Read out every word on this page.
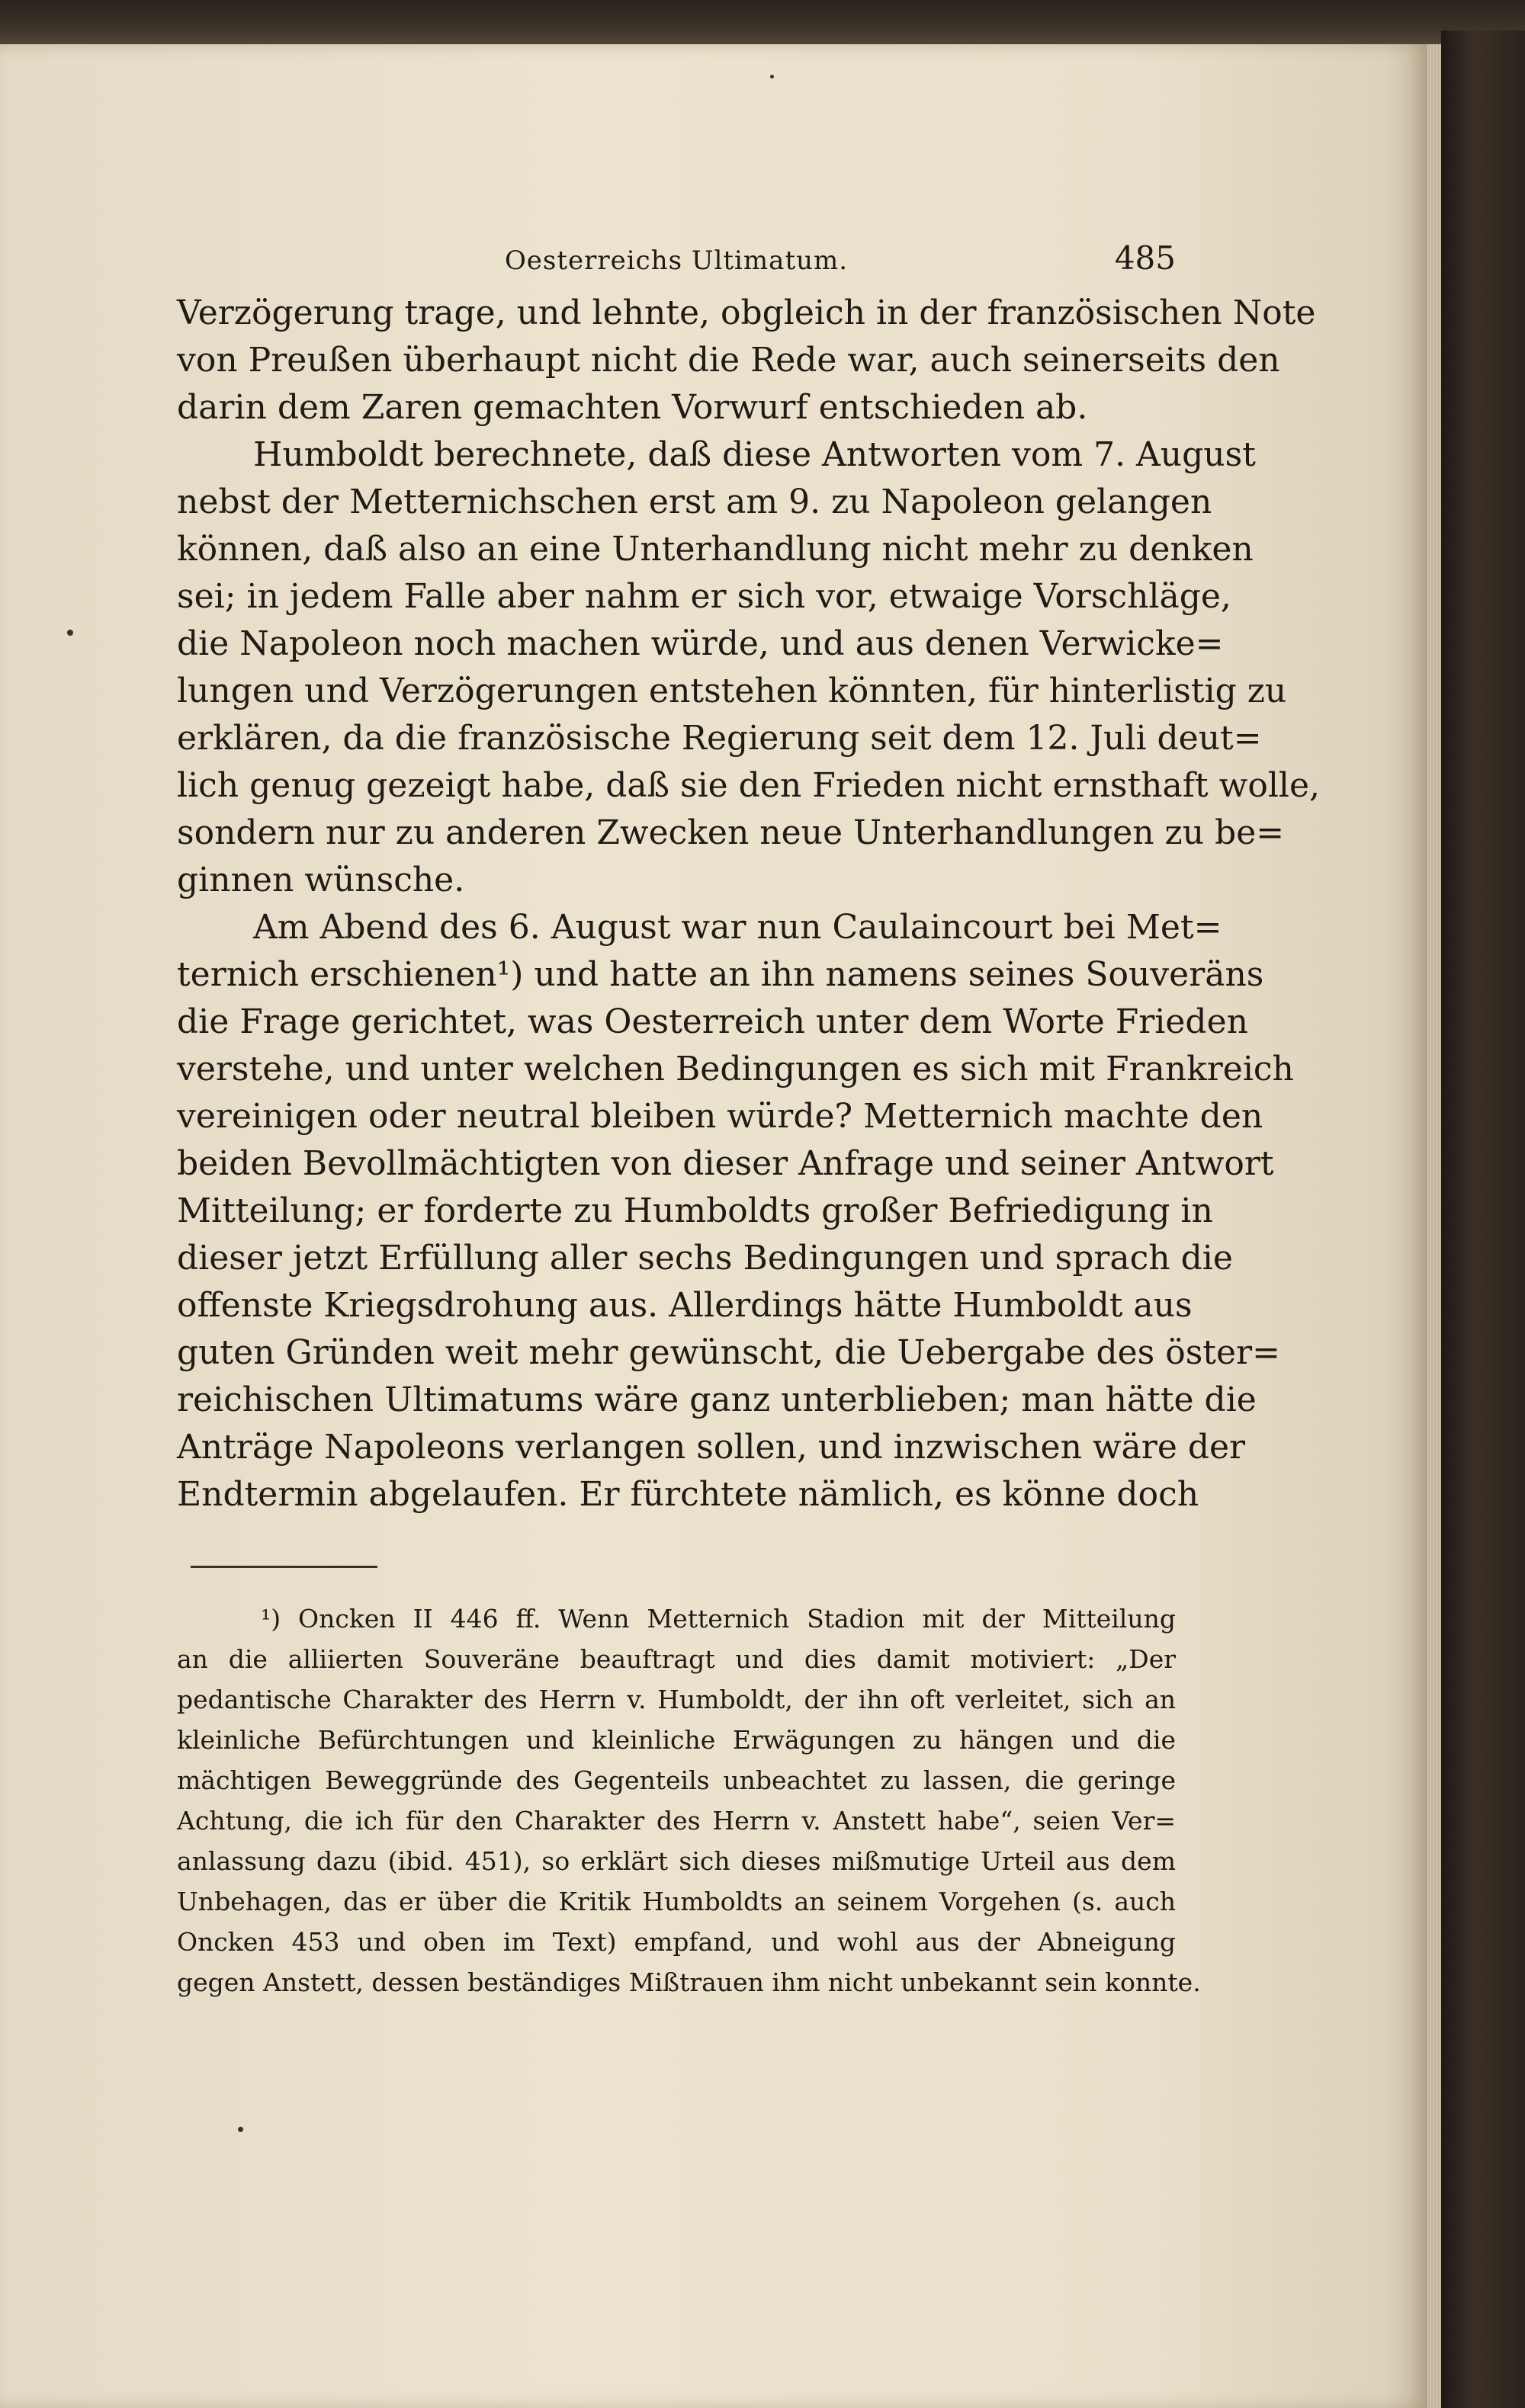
Oesterreichs Ultimatum.	485
Verzögerung trage, und lehnte, obgleich in der französischen Note
von Preußen überhaupt nicht die Rede war, auch seinerseits den
darin dem Zaren gemachten Vorwurf entschieden ab.
Humboldt berechnete, daß diese Antworten vom 7. August
nebst der Metternichschen erst am 9. zu Napoleon gelangen
können, daß also an eine Unterhandlung nicht mehr zu denken
sei; in jedem Falle aber nahm er sich vor, etwaige Vorschläge,
die Napoleon noch machen würde, und aus denen Verwicke=
lungen und Verzögerungen entstehen könnten, für hinterlistig zu
erklären, da die französische Regierung seit dem 12. Juli deut=
lich genug gezeigt habe, daß sie den Frieden nicht ernsthaft wolle,
sondern nur zu anderen Zwecken neue Unterhandlungen zu be=
ginnen wünsche.
Am Abend des 6. August war nun Caulaincourt bei Met=
ternich erschienen¹) und hatte an ihn namens seines Souveräns
die Frage gerichtet, was Oesterreich unter dem Worte Frieden
verstehe, und unter welchen Bedingungen es sich mit Frankreich
vereinigen oder neutral bleiben würde? Metternich machte den
beiden Bevollmächtigten von dieser Anfrage und seiner Antwort
Mitteilung; er forderte zu Humboldts großer Befriedigung in
dieser jetzt Erfüllung aller sechs Bedingungen und sprach die
offenste Kriegsdrohung aus. Allerdings hätte Humboldt aus
guten Gründen weit mehr gewünscht, die Uebergabe des öster=
reichischen Ultimatums wäre ganz unterblieben; man hätte die
Anträge Napoleons verlangen sollen, und inzwischen wäre der
Endtermin abgelaufen. Er fürchtete nämlich, es könne doch
¹) Oncken II 446 ff. Wenn Metternich Stadion mit der Mitteilung
an die alliierten Souveräne beauftragt und dies damit motiviert: „Der
pedantische Charakter des Herrn v. Humboldt, der ihn oft verleitet, sich an
kleinliche Befürchtungen und kleinliche Erwägungen zu hängen und die
mächtigen Beweggründe des Gegenteils unbeachtet zu lassen, die geringe
Achtung, die ich für den Charakter des Herrn v. Anstett habe“, seien Ver=
anlassung dazu (ibid. 451), so erklärt sich dieses mißmutige Urteil aus dem
Unbehagen, das er über die Kritik Humboldts an seinem Vorgehen (s. auch
Oncken 453 und oben im Text) empfand, und wohl aus der Abneigung
gegen Anstett, dessen beständiges Mißtrauen ihm nicht unbekannt sein konnte.
